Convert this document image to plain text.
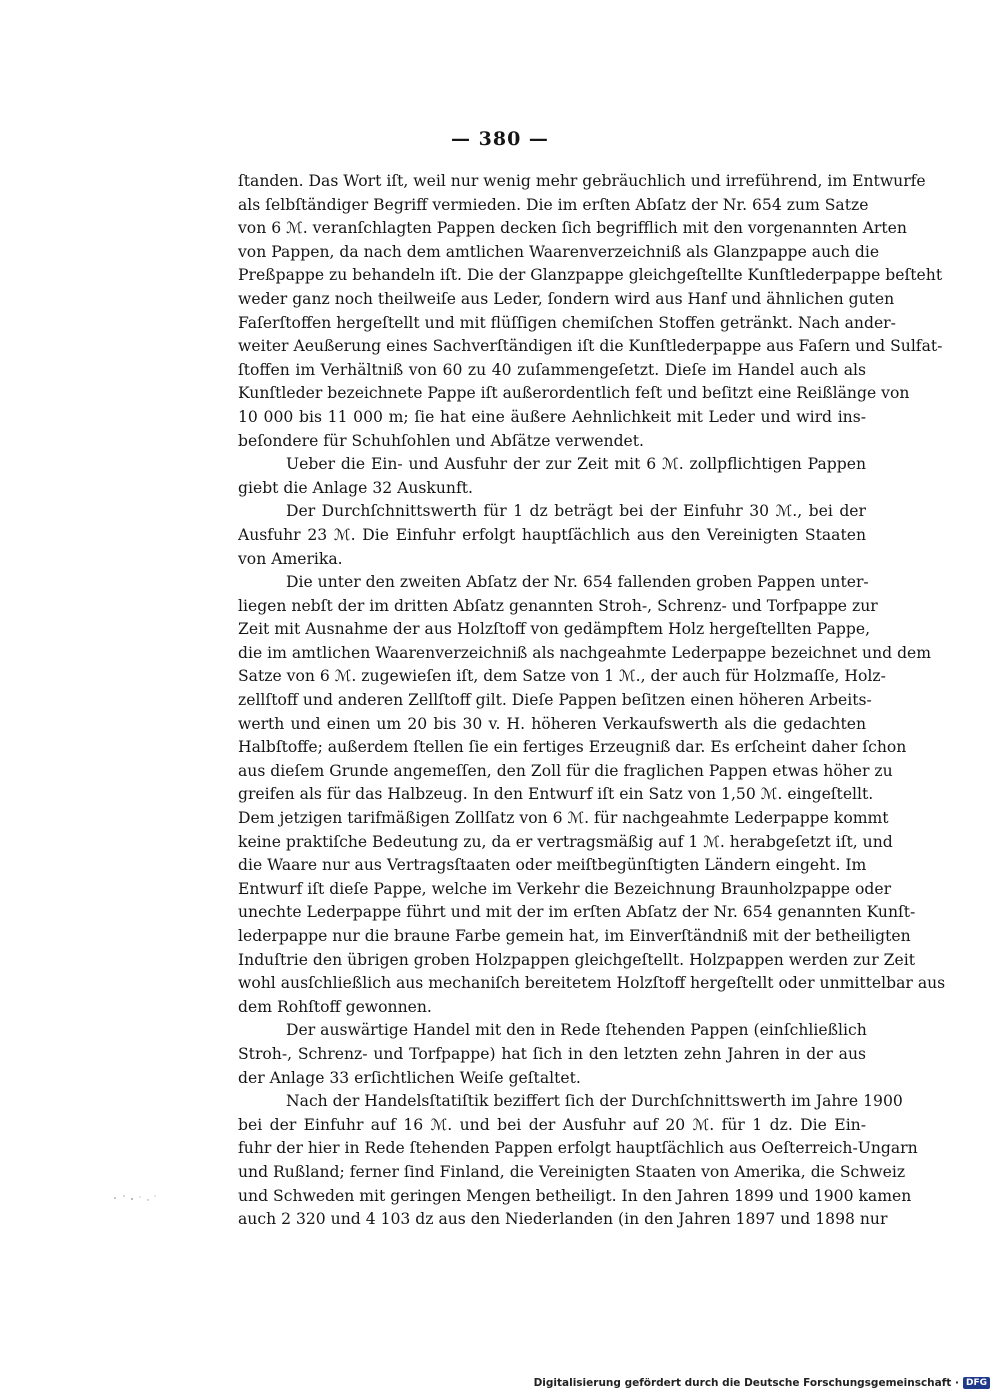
— 380 —
ſtanden. Das Wort iſt, weil nur wenig mehr gebräuchlich und irreführend, im Entwurfe
als ſelbſtändiger Begriff vermieden. Die im erſten Abſatz der Nr. 654 zum Satze
von 6 ℳ. veranſchlagten Pappen decken ſich begrifflich mit den vorgenannten Arten
von Pappen, da nach dem amtlichen Waarenverzeichniß als Glanzpappe auch die
Preßpappe zu behandeln iſt. Die der Glanzpappe gleichgeſtellte Kunſtlederpappe beſteht
weder ganz noch theilweiſe aus Leder, ſondern wird aus Hanf und ähnlichen guten
Faſerſtoffen hergeſtellt und mit flüſſigen chemiſchen Stoffen getränkt. Nach ander-
weiter Aeußerung eines Sachverſtändigen iſt die Kunſtlederpappe aus Faſern und Sulfat-
ſtoffen im Verhältniß von 60 zu 40 zuſammengeſetzt. Dieſe im Handel auch als
Kunſtleder bezeichnete Pappe iſt außerordentlich feſt und beſitzt eine Reißlänge von
10 000 bis 11 000 m; ſie hat eine äußere Aehnlichkeit mit Leder und wird ins-
beſondere für Schuhſohlen und Abſätze verwendet.
Ueber die Ein- und Ausfuhr der zur Zeit mit 6 ℳ. zollpflichtigen Pappen
giebt die Anlage 32 Auskunft.
Der Durchſchnittswerth für 1 dz beträgt bei der Einfuhr 30 ℳ., bei der
Ausfuhr 23 ℳ. Die Einfuhr erfolgt hauptſächlich aus den Vereinigten Staaten
von Amerika.
Die unter den zweiten Abſatz der Nr. 654 fallenden groben Pappen unter-
liegen nebſt der im dritten Abſatz genannten Stroh-, Schrenz- und Torfpappe zur
Zeit mit Ausnahme der aus Holzſtoff von gedämpftem Holz hergeſtellten Pappe,
die im amtlichen Waarenverzeichniß als nachgeahmte Lederpappe bezeichnet und dem
Satze von 6 ℳ. zugewieſen iſt, dem Satze von 1 ℳ., der auch für Holzmaſſe, Holz-
zellſtoff und anderen Zellſtoff gilt. Dieſe Pappen beſitzen einen höheren Arbeits-
werth und einen um 20 bis 30 v. H. höheren Verkaufswerth als die gedachten
Halbſtoffe; außerdem ſtellen ſie ein fertiges Erzeugniß dar. Es erſcheint daher ſchon
aus dieſem Grunde angemeſſen, den Zoll für die fraglichen Pappen etwas höher zu
greifen als für das Halbzeug. In den Entwurf iſt ein Satz von 1,50 ℳ. eingeſtellt.
Dem jetzigen tarifmäßigen Zollſatz von 6 ℳ. für nachgeahmte Lederpappe kommt
keine praktiſche Bedeutung zu, da er vertragsmäßig auf 1 ℳ. herabgeſetzt iſt, und
die Waare nur aus Vertragsſtaaten oder meiſtbegünſtigten Ländern eingeht. Im
Entwurf iſt dieſe Pappe, welche im Verkehr die Bezeichnung Braunholzpappe oder
unechte Lederpappe führt und mit der im erſten Abſatz der Nr. 654 genannten Kunſt-
lederpappe nur die braune Farbe gemein hat, im Einverſtändniß mit der betheiligten
Induſtrie den übrigen groben Holzpappen gleichgeſtellt. Holzpappen werden zur Zeit
wohl ausſchließlich aus mechaniſch bereitetem Holzſtoff hergeſtellt oder unmittelbar aus
dem Rohſtoff gewonnen.
Der auswärtige Handel mit den in Rede ſtehenden Pappen (einſchließlich
Stroh-, Schrenz- und Torfpappe) hat ſich in den letzten zehn Jahren in der aus
der Anlage 33 erſichtlichen Weiſe geſtaltet.
Nach der Handelsſtatiſtik beziffert ſich der Durchſchnittswerth im Jahre 1900
bei der Einfuhr auf 16 ℳ. und bei der Ausfuhr auf 20 ℳ. für 1 dz. Die Ein-
fuhr der hier in Rede ſtehenden Pappen erfolgt hauptſächlich aus Oeſterreich-Ungarn
und Rußland; ferner ſind Finland, die Vereinigten Staaten von Amerika, die Schweiz
und Schweden mit geringen Mengen betheiligt. In den Jahren 1899 und 1900 kamen
auch 2 320 und 4 103 dz aus den Niederlanden (in den Jahren 1897 und 1898 nur
Digitalisierung gefördert durch die Deutsche Forschungsgemeinschaft · DFG
